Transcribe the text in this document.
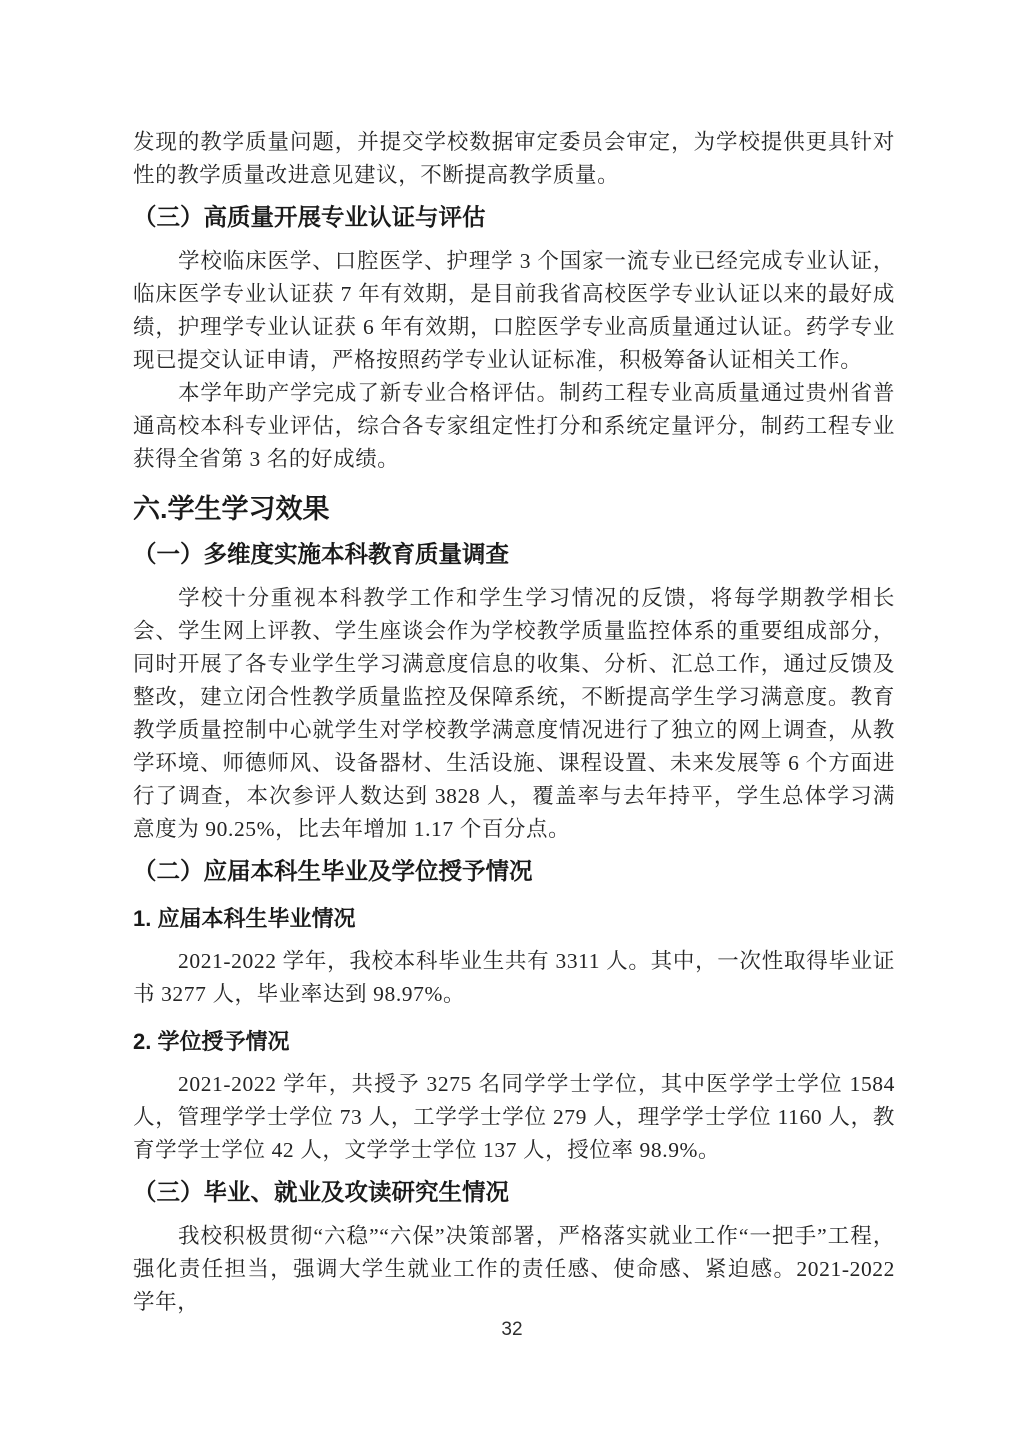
发现的教学质量问题，并提交学校数据审定委员会审定，为学校提供更具针对性的教学质量改进意见建议，不断提高教学质量。

（三）高质量开展专业认证与评估

学校临床医学、口腔医学、护理学 3 个国家一流专业已经完成专业认证，临床医学专业认证获 7 年有效期，是目前我省高校医学专业认证以来的最好成绩，护理学专业认证获 6 年有效期，口腔医学专业高质量通过认证。药学专业现已提交认证申请，严格按照药学专业认证标准，积极筹备认证相关工作。

本学年助产学完成了新专业合格评估。制药工程专业高质量通过贵州省普通高校本科专业评估，综合各专家组定性打分和系统定量评分，制药工程专业获得全省第 3 名的好成绩。

六.学生学习效果
（一）多维度实施本科教育质量调查

学校十分重视本科教学工作和学生学习情况的反馈，将每学期教学相长会、学生网上评教、学生座谈会作为学校教学质量监控体系的重要组成部分，同时开展了各专业学生学习满意度信息的收集、分析、汇总工作，通过反馈及整改，建立闭合性教学质量监控及保障系统，不断提高学生学习满意度。教育教学质量控制中心就学生对学校教学满意度情况进行了独立的网上调查，从教学环境、师德师风、设备器材、生活设施、课程设置、未来发展等 6 个方面进行了调查，本次参评人数达到 3828 人，覆盖率与去年持平，学生总体学习满意度为 90.25%，比去年增加 1.17 个百分点。

（二）应届本科生毕业及学位授予情况
1. 应届本科生毕业情况

2021-2022 学年，我校本科毕业生共有 3311 人。其中，一次性取得毕业证书 3277 人，毕业率达到 98.97%。

2. 学位授予情况

2021-2022 学年，共授予 3275 名同学学士学位，其中医学学士学位 1584 人，管理学学士学位 73 人，工学学士学位 279 人，理学学士学位 1160 人，教育学学士学位 42 人，文学学士学位 137 人，授位率 98.9%。

（三）毕业、就业及攻读研究生情况

我校积极贯彻“六稳”“六保”决策部署，严格落实就业工作“一把手”工程，强化责任担当，强调大学生就业工作的责任感、使命感、紧迫感。2021-2022 学年，

32
